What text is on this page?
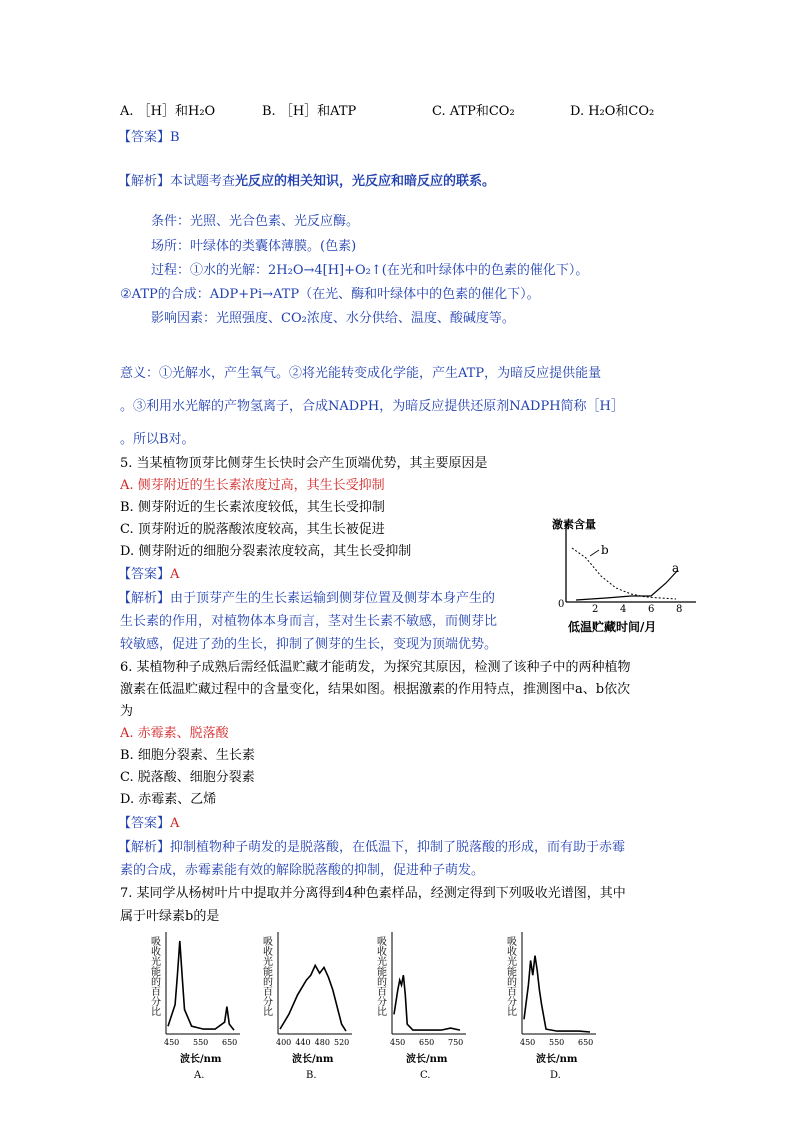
A. ［H］和H₂O	B. ［H］和ATP	C. ATP和CO₂	D. H₂O和CO₂
【答案】B
【解析】本试题考查光反应的相关知识，光反应和暗反应的联系。
条件：光照、光合色素、光反应酶。
场所：叶绿体的类囊体薄膜。(色素)
过程：①水的光解：2H₂O→4[H]+O₂↑(在光和叶绿体中的色素的催化下）。
②ATP的合成：ADP+Pi→ATP（在光、酶和叶绿体中的色素的催化下）。
影响因素：光照强度、CO₂浓度、水分供给、温度、酸碱度等。
意义：①光解水，产生氧气。②将光能转变成化学能，产生ATP，为暗反应提供能量
。③利用水光解的产物氢离子，合成NADPH，为暗反应提供还原剂NADPH简称［H］
。所以B对。
5. 当某植物顶芽比侧芽生长快时会产生顶端优势，其主要原因是
A. 侧芽附近的生长素浓度过高，其生长受抑制
B. 侧芽附近的生长素浓度较低，其生长受抑制
C. 顶芽附近的脱落酸浓度较高，其生长被促进
D. 侧芽附近的细胞分裂素浓度较高，其生长受抑制
【答案】A
【解析】由于顶芽产生的生长素运输到侧芽位置及侧芽本身产生的
生长素的作用，对植物体本身而言，茎对生长素不敏感，而侧芽比
较敏感，促进了劲的生长，抑制了侧芽的生长，变现为顶端优势。
激素含量
0	2 4 6 8
低温贮藏时间/月
b
a
6. 某植物种子成熟后需经低温贮藏才能萌发，为探究其原因，检测了该种子中的两种植物
激素在低温贮藏过程中的含量变化，结果如图。根据激素的作用特点，推测图中a、b依次
为
A. 赤霉素、脱落酸
B. 细胞分裂素、生长素
C. 脱落酸、细胞分裂素
D. 赤霉素、乙烯
【答案】A
【解析】抑制植物种子萌发的是脱落酸，在低温下，抑制了脱落酸的形成，而有助于赤霉
素的合成，赤霉素能有效的解除脱落酸的抑制，促进种子萌发。
7. 某同学从杨树叶片中提取并分离得到4种色素样品，经测定得到下列吸收光谱图，其中
属于叶绿素b的是
吸收光能的百分比
450 550 650
波长/nm
A.
吸收光能的百分比
400 440 480 520
波长/nm
B.
吸收光能的百分比
450 650 750
波长/nm
C.
吸收光能的百分比
450 550 650
波长/nm
D.
